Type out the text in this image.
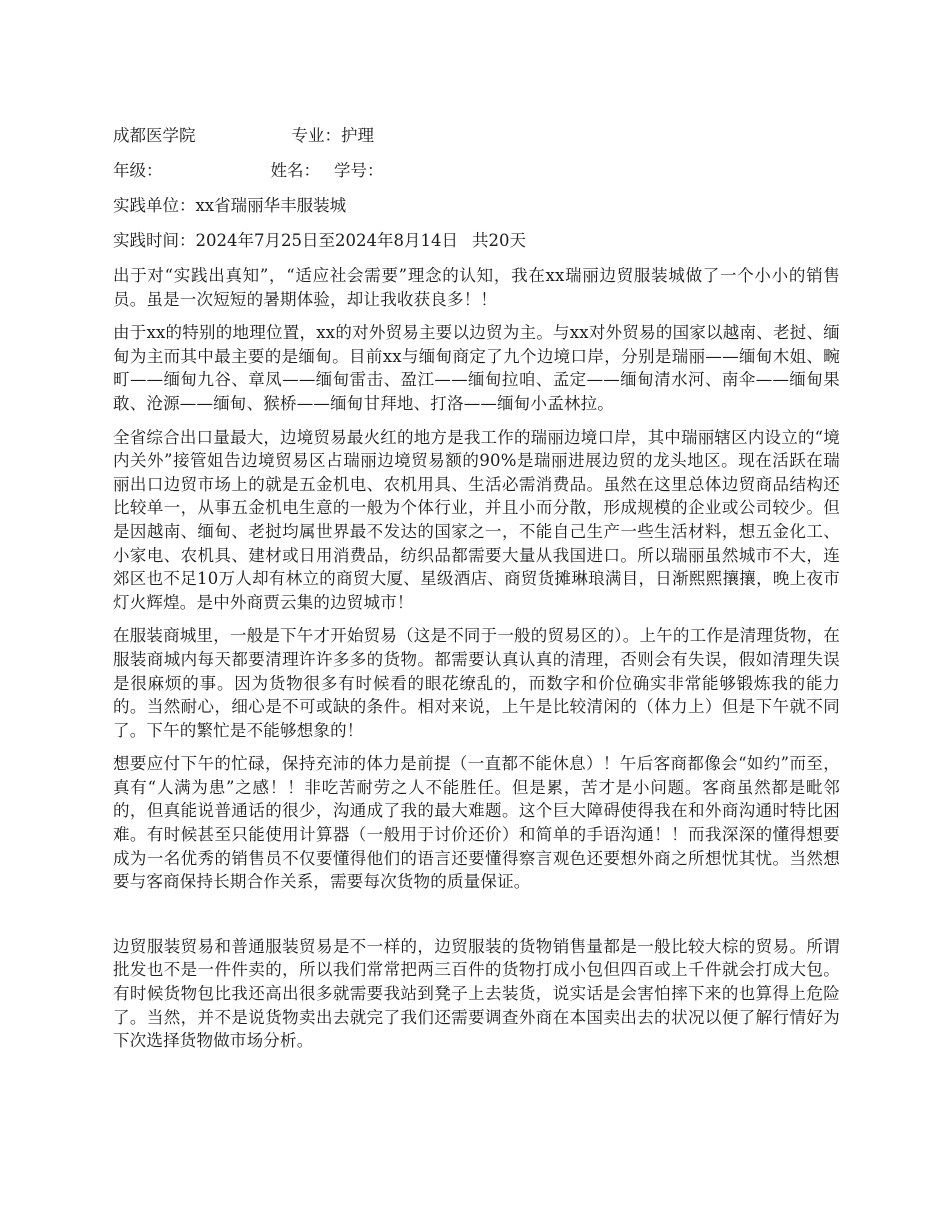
成都医学院	专业：护理
年级：	姓名： 学号：
实践单位：xx省瑞丽华丰服装城
实践时间：2024年7月25日至2024年8月14日 共20天

出于对“实践出真知”，“适应社会需要”理念的认知，我在xx瑞丽边贸服装城做了一个小小的销售员。虽是一次短短的暑期体验，却让我收获良多！！

由于xx的特别的地理位置，xx的对外贸易主要以边贸为主。与xx对外贸易的国家以越南、老挝、缅甸为主而其中最主要的是缅甸。目前xx与缅甸商定了九个边境口岸，分别是瑞丽——缅甸木姐、畹町——缅甸九谷、章凤——缅甸雷击、盈江——缅甸拉咱、孟定——缅甸清水河、南伞——缅甸果敢、沧源——缅甸、猴桥——缅甸甘拜地、打洛——缅甸小孟林拉。

全省综合出口量最大，边境贸易最火红的地方是我工作的瑞丽边境口岸，其中瑞丽辖区内设立的“境内关外”接管姐告边境贸易区占瑞丽边境贸易额的90%是瑞丽进展边贸的龙头地区。现在活跃在瑞丽出口边贸市场上的就是五金机电、农机用具、生活必需消费品。虽然在这里总体边贸商品结构还比较单一，从事五金机电生意的一般为个体行业，并且小而分散，形成规模的企业或公司较少。但是因越南、缅甸、老挝均属世界最不发达的国家之一，不能自己生产一些生活材料，想五金化工、小家电、农机具、建材或日用消费品，纺织品都需要大量从我国进口。所以瑞丽虽然城市不大，连郊区也不足10万人却有林立的商贸大厦、星级酒店、商贸货摊琳琅满目，日渐熙熙攘攘，晚上夜市灯火辉煌。是中外商贾云集的边贸城市！

在服装商城里，一般是下午才开始贸易（这是不同于一般的贸易区的）。上午的工作是清理货物，在服装商城内每天都要清理许许多多的货物。都需要认真认真的清理，否则会有失误，假如清理失误是很麻烦的事。因为货物很多有时候看的眼花缭乱的，而数字和价位确实非常能够锻炼我的能力的。当然耐心，细心是不可或缺的条件。相对来说，上午是比较清闲的（体力上）但是下午就不同了。下午的繁忙是不能够想象的！

想要应付下午的忙碌，保持充沛的体力是前提（一直都不能休息）！午后客商都像会“如约”而至，真有“人满为患”之感！！非吃苦耐劳之人不能胜任。但是累，苦才是小问题。客商虽然都是毗邻的，但真能说普通话的很少，沟通成了我的最大难题。这个巨大障碍使得我在和外商沟通时特比困难。有时候甚至只能使用计算器（一般用于讨价还价）和简单的手语沟通！！而我深深的懂得想要成为一名优秀的销售员不仅要懂得他们的语言还要懂得察言观色还要想外商之所想忧其忧。当然想要与客商保持长期合作关系，需要每次货物的质量保证。

边贸服装贸易和普通服装贸易是不一样的，边贸服装的货物销售量都是一般比较大棕的贸易。所谓批发也不是一件件卖的，所以我们常常把两三百件的货物打成小包但四百或上千件就会打成大包。有时候货物包比我还高出很多就需要我站到凳子上去装货，说实话是会害怕摔下来的也算得上危险了。当然，并不是说货物卖出去就完了我们还需要调查外商在本国卖出去的状况以便了解行情好为下次选择货物做市场分析。
